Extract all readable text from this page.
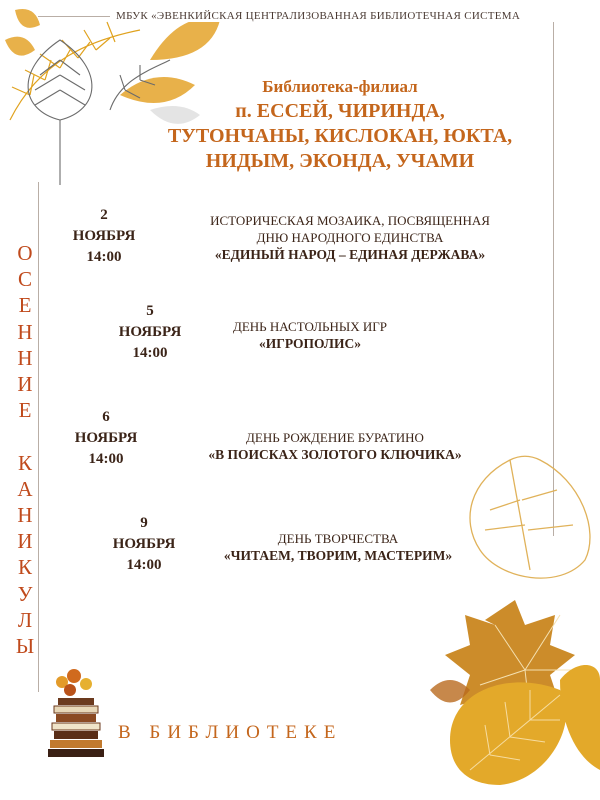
МБУК «ЭВЕНКИЙСКАЯ ЦЕНТРАЛИЗОВАННАЯ БИБЛИОТЕЧНАЯ СИСТЕМА
Библиотека-филиал
п. ЕССЕЙ, ЧИРИНДА,
ТУТОНЧАНЫ, КИСЛОКАН, ЮКТА,
НИДЫМ, ЭКОНДА, УЧАМИ
О
С
Е
Н
Н
И
Е

К
А
Н
И
К
У
Л
Ы
2
НОЯБРЯ
14:00
ИСТОРИЧЕСКАЯ МОЗАИКА, ПОСВЯЩЕННАЯ
ДНЮ НАРОДНОГО ЕДИНСТВА
«ЕДИНЫЙ НАРОД – ЕДИНАЯ ДЕРЖАВА»
5
НОЯБРЯ
14:00
ДЕНЬ НАСТОЛЬНЫХ ИГР
«ИГРОПОЛИС»
6
НОЯБРЯ
14:00
ДЕНЬ РОЖДЕНИЕ БУРАТИНО
«В ПОИСКАХ ЗОЛОТОГО КЛЮЧИКА»
9
НОЯБРЯ
14:00
ДЕНЬ ТВОРЧЕСТВА
«ЧИТАЕМ, ТВОРИМ, МАСТЕРИМ»
В БИБЛИОТЕКЕ
